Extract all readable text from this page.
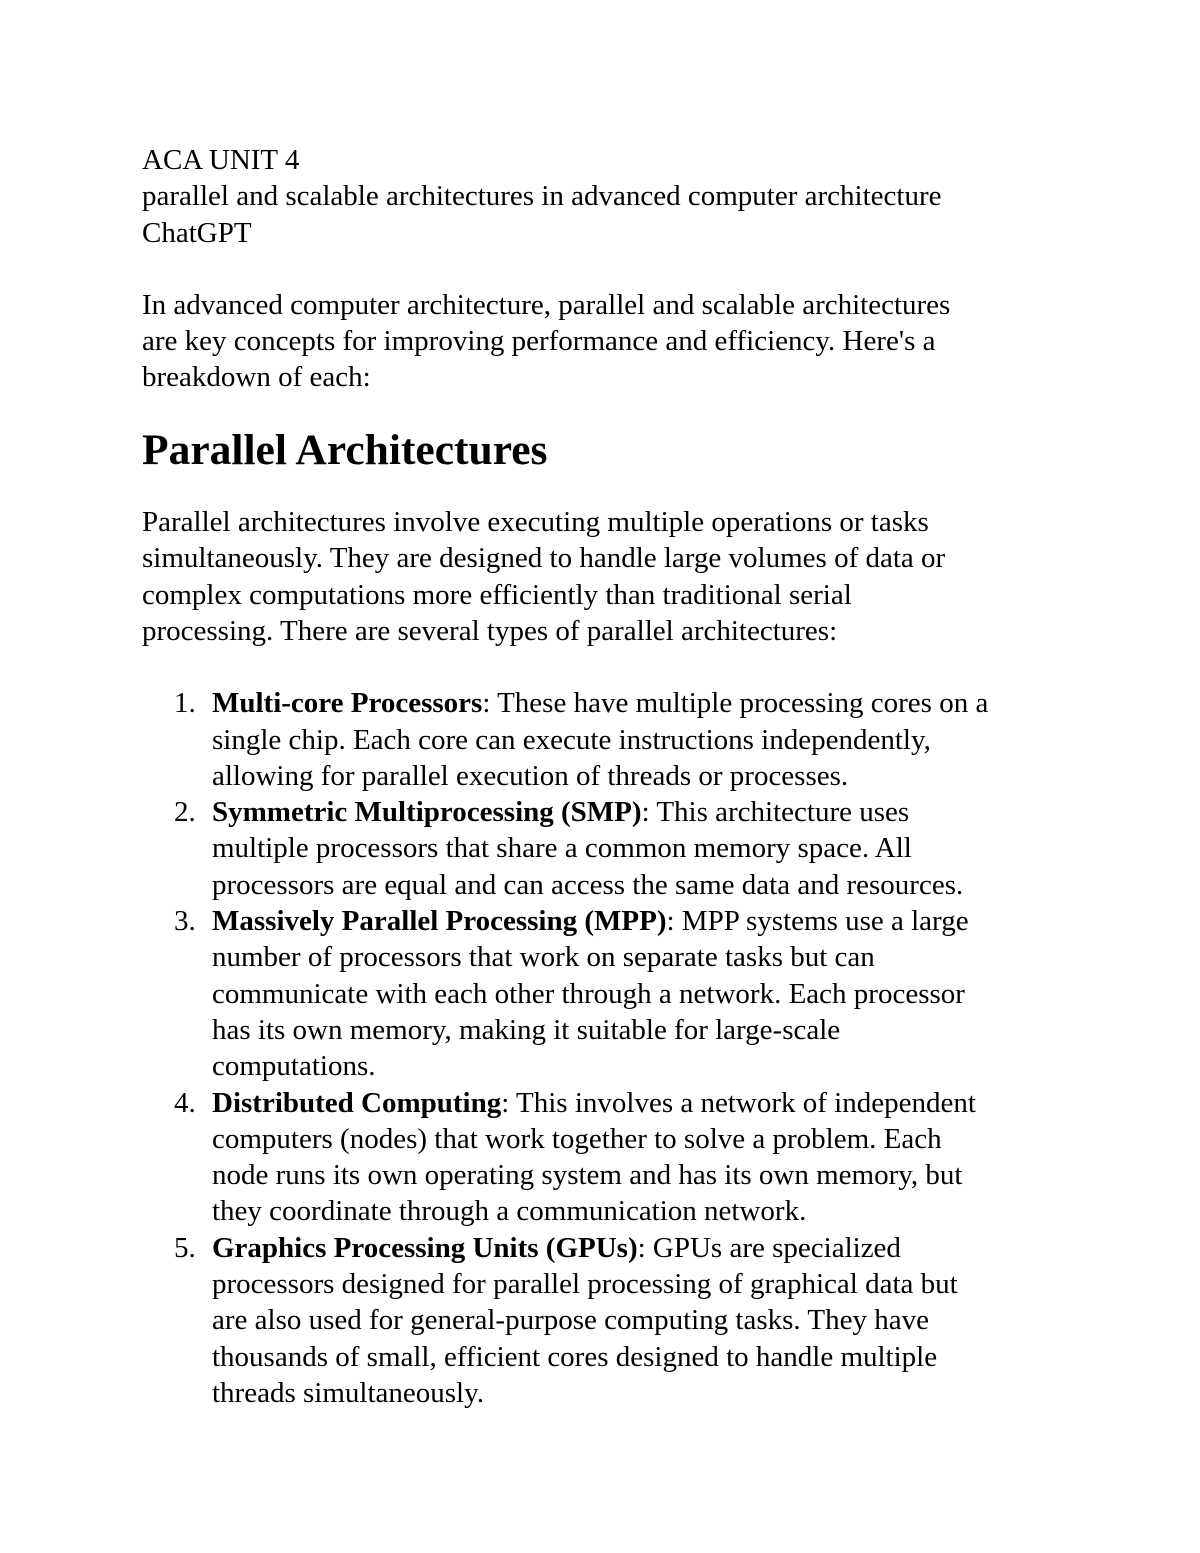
ACA UNIT 4
parallel and scalable architectures in advanced computer architecture
ChatGPT

In advanced computer architecture, parallel and scalable architectures
are key concepts for improving performance and efficiency. Here's a
breakdown of each:

Parallel Architectures

Parallel architectures involve executing multiple operations or tasks
simultaneously. They are designed to handle large volumes of data or
complex computations more efficiently than traditional serial
processing. There are several types of parallel architectures:

1. Multi-core Processors: These have multiple processing cores on a
single chip. Each core can execute instructions independently,
allowing for parallel execution of threads or processes.
2. Symmetric Multiprocessing (SMP): This architecture uses
multiple processors that share a common memory space. All
processors are equal and can access the same data and resources.
3. Massively Parallel Processing (MPP): MPP systems use a large
number of processors that work on separate tasks but can
communicate with each other through a network. Each processor
has its own memory, making it suitable for large-scale
computations.
4. Distributed Computing: This involves a network of independent
computers (nodes) that work together to solve a problem. Each
node runs its own operating system and has its own memory, but
they coordinate through a communication network.
5. Graphics Processing Units (GPUs): GPUs are specialized
processors designed for parallel processing of graphical data but
are also used for general-purpose computing tasks. They have
thousands of small, efficient cores designed to handle multiple
threads simultaneously.
